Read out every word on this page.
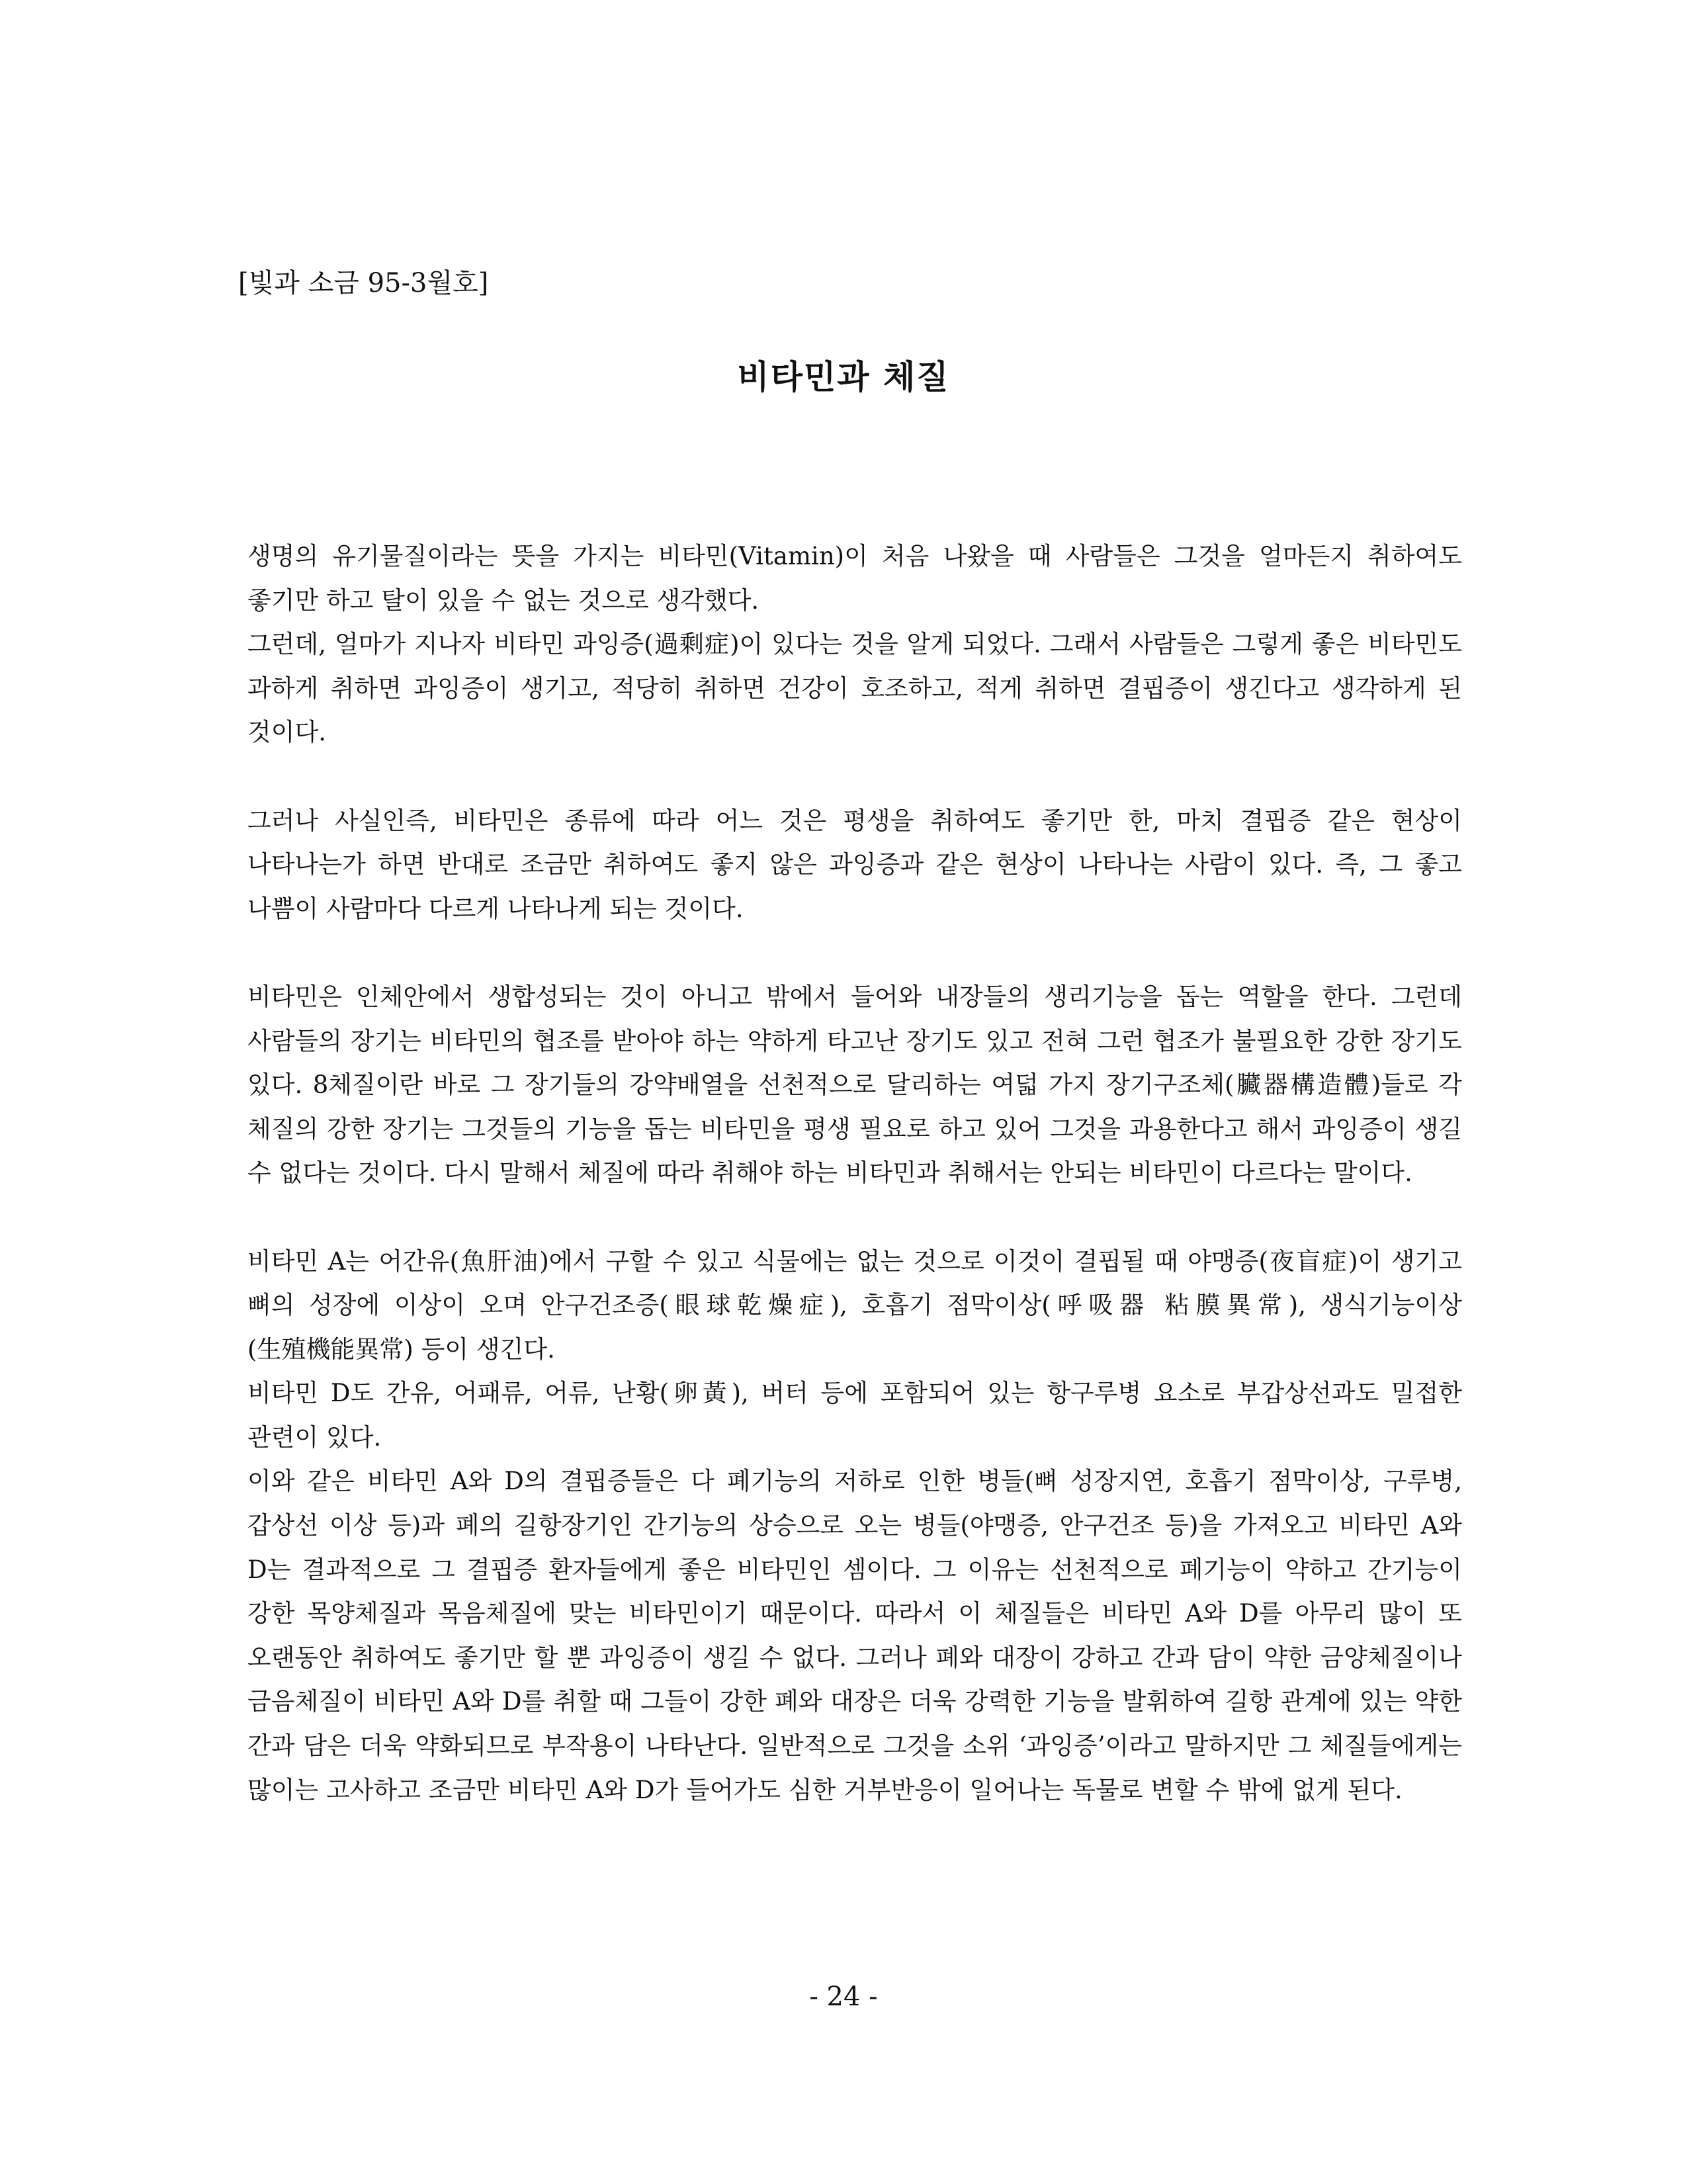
[빛과 소금 95-3월호]
비타민과 체질

생명의 유기물질이라는 뜻을 가지는 비타민(Vitamin)이 처음 나왔을 때 사람들은 그것을 얼마든지 취하여도 좋기만 하고 탈이 있을 수 없는 것으로 생각했다.

그런데, 얼마가 지나자 비타민 과잉증(過剩症)이 있다는 것을 알게 되었다. 그래서 사람들은 그렇게 좋은 비타민도 과하게 취하면 과잉증이 생기고, 적당히 취하면 건강이 호조하고, 적게 취하면 결핍증이 생긴다고 생각하게 된 것이다.

그러나 사실인즉, 비타민은 종류에 따라 어느 것은 평생을 취하여도 좋기만 한, 마치 결핍증 같은 현상이 나타나는가 하면 반대로 조금만 취하여도 좋지 않은 과잉증과 같은 현상이 나타나는 사람이 있다. 즉, 그 좋고 나쁨이 사람마다 다르게 나타나게 되는 것이다.

비타민은 인체안에서 생합성되는 것이 아니고 밖에서 들어와 내장들의 생리기능을 돕는 역할을 한다. 그런데 사람들의 장기는 비타민의 협조를 받아야 하는 약하게 타고난 장기도 있고 전혀 그런 협조가 불필요한 강한 장기도 있다. 8체질이란 바로 그 장기들의 강약배열을 선천적으로 달리하는 여덟 가지 장기구조체(臟器構造體)들로 각 체질의 강한 장기는 그것들의 기능을 돕는 비타민을 평생 필요로 하고 있어 그것을 과용한다고 해서 과잉증이 생길 수 없다는 것이다. 다시 말해서 체질에 따라 취해야 하는 비타민과 취해서는 안되는 비타민이 다르다는 말이다.

비타민 A는 어간유(魚肝油)에서 구할 수 있고 식물에는 없는 것으로 이것이 결핍될 때 야맹증(夜盲症)이 생기고 뼈의 성장에 이상이 오며 안구건조증(眼球乾燥症), 호흡기 점막이상(呼吸器 粘膜異常), 생식기능이상(生殖機能異常) 등이 생긴다.

비타민 D도 간유, 어패류, 어류, 난황(卵黃), 버터 등에 포함되어 있는 항구루병 요소로 부갑상선과도 밀접한 관련이 있다.

이와 같은 비타민 A와 D의 결핍증들은 다 폐기능의 저하로 인한 병들(뼈 성장지연, 호흡기 점막이상, 구루병, 갑상선 이상 등)과 폐의 길항장기인 간기능의 상승으로 오는 병들(야맹증, 안구건조 등)을 가져오고 비타민 A와 D는 결과적으로 그 결핍증 환자들에게 좋은 비타민인 셈이다. 그 이유는 선천적으로 폐기능이 약하고 간기능이 강한 목양체질과 목음체질에 맞는 비타민이기 때문이다. 따라서 이 체질들은 비타민 A와 D를 아무리 많이 또 오랜동안 취하여도 좋기만 할 뿐 과잉증이 생길 수 없다. 그러나 폐와 대장이 강하고 간과 담이 약한 금양체질이나 금음체질이 비타민 A와 D를 취할 때 그들이 강한 폐와 대장은 더욱 강력한 기능을 발휘하여 길항 관계에 있는 약한 간과 담은 더욱 약화되므로 부작용이 나타난다. 일반적으로 그것을 소위 ‘과잉증’이라고 말하지만 그 체질들에게는 많이는 고사하고 조금만 비타민 A와 D가 들어가도 심한 거부반응이 일어나는 독물로 변할 수 밖에 없게 된다.

- 24 -
